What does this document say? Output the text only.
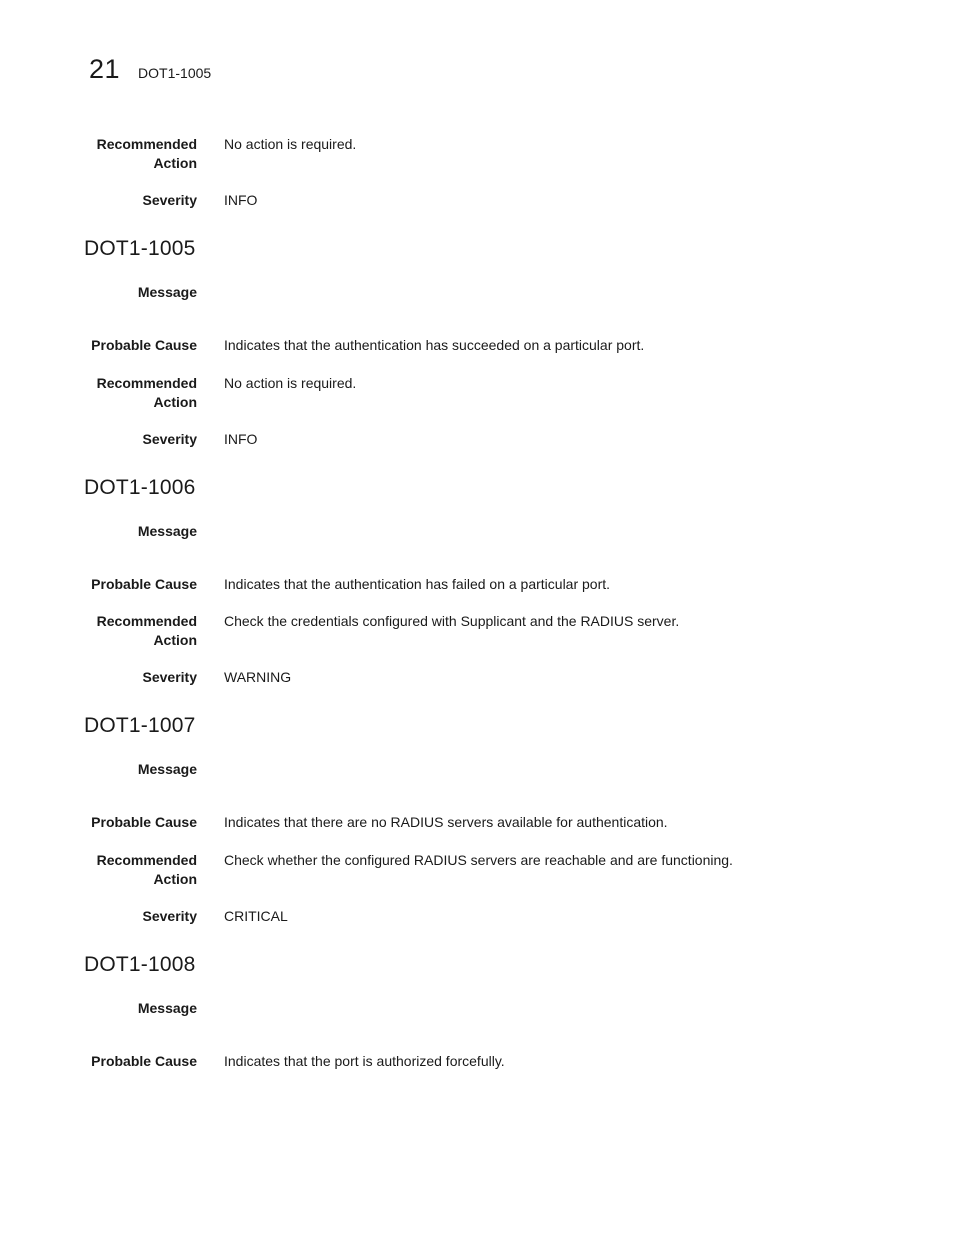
21 DOT1-1005
Recommended
Action
No action is required.
Severity INFO
DOT1-1005
Message
Probable Cause Indicates that the authentication has succeeded on a particular port.
Recommended
Action
No action is required.
Severity INFO
DOT1-1006
Message
Probable Cause Indicates that the authentication has failed on a particular port.
Recommended
Action
Check the credentials configured with Supplicant and the RADIUS server.
Severity WARNING
DOT1-1007
Message
Probable Cause Indicates that there are no RADIUS servers available for authentication.
Recommended
Action
Check whether the configured RADIUS servers are reachable and are functioning.
Severity CRITICAL
DOT1-1008
Message
Probable Cause Indicates that the port is authorized forcefully.
